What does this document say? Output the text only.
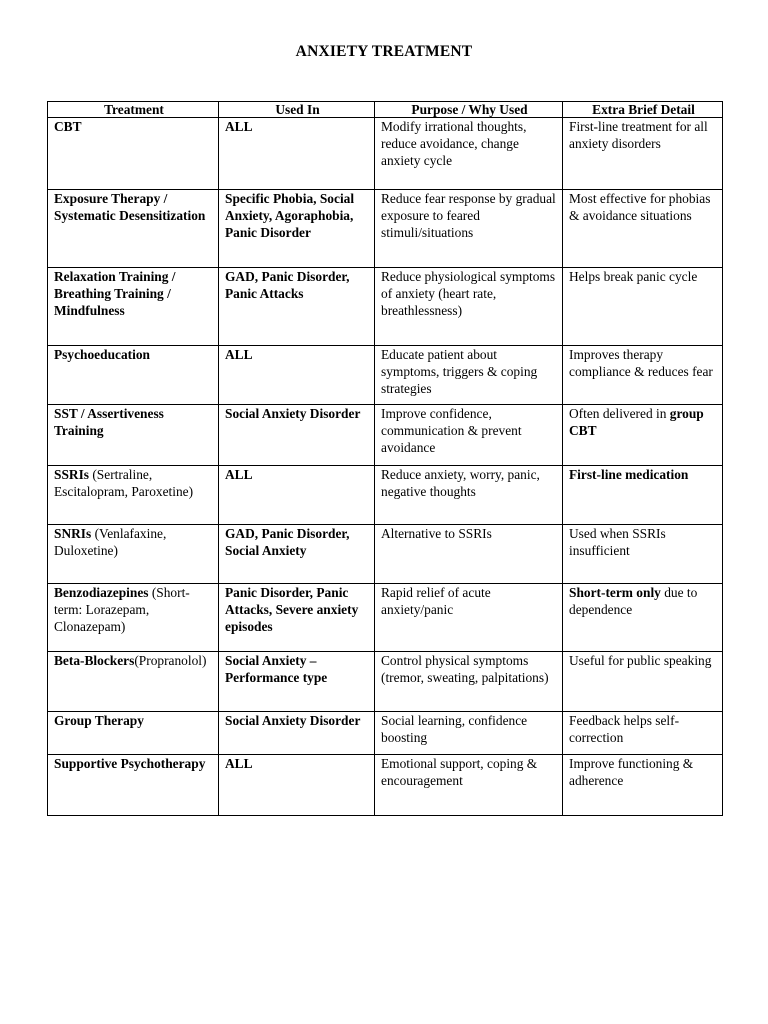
ANXIETY TREATMENT
Treatment	Used In	Purpose / Why Used	Extra Brief Detail
CBT	ALL	Modify irrational thoughts, reduce avoidance, change anxiety cycle	First-line treatment for all anxiety disorders
Exposure Therapy / Systematic Desensitization	Specific Phobia, Social Anxiety, Agoraphobia, Panic Disorder	Reduce fear response by gradual exposure to feared stimuli/situations	Most effective for phobias & avoidance situations
Relaxation Training / Breathing Training / Mindfulness	GAD, Panic Disorder, Panic Attacks	Reduce physiological symptoms of anxiety (heart rate, breathlessness)	Helps break panic cycle
Psychoeducation	ALL	Educate patient about symptoms, triggers & coping strategies	Improves therapy compliance & reduces fear
SST / Assertiveness Training	Social Anxiety Disorder	Improve confidence, communication & prevent avoidance	Often delivered in group CBT
SSRIs (Sertraline, Escitalopram, Paroxetine)	ALL	Reduce anxiety, worry, panic, negative thoughts	First-line medication
SNRIs (Venlafaxine, Duloxetine)	GAD, Panic Disorder, Social Anxiety	Alternative to SSRIs	Used when SSRIs insufficient
Benzodiazepines (Short-term: Lorazepam, Clonazepam)	Panic Disorder, Panic Attacks, Severe anxiety episodes	Rapid relief of acute anxiety/panic	Short-term only due to dependence
Beta-Blockers(Propranolol)	Social Anxiety – Performance type	Control physical symptoms (tremor, sweating, palpitations)	Useful for public speaking
Group Therapy	Social Anxiety Disorder	Social learning, confidence boosting	Feedback helps self-correction
Supportive Psychotherapy	ALL	Emotional support, coping & encouragement	Improve functioning & adherence
